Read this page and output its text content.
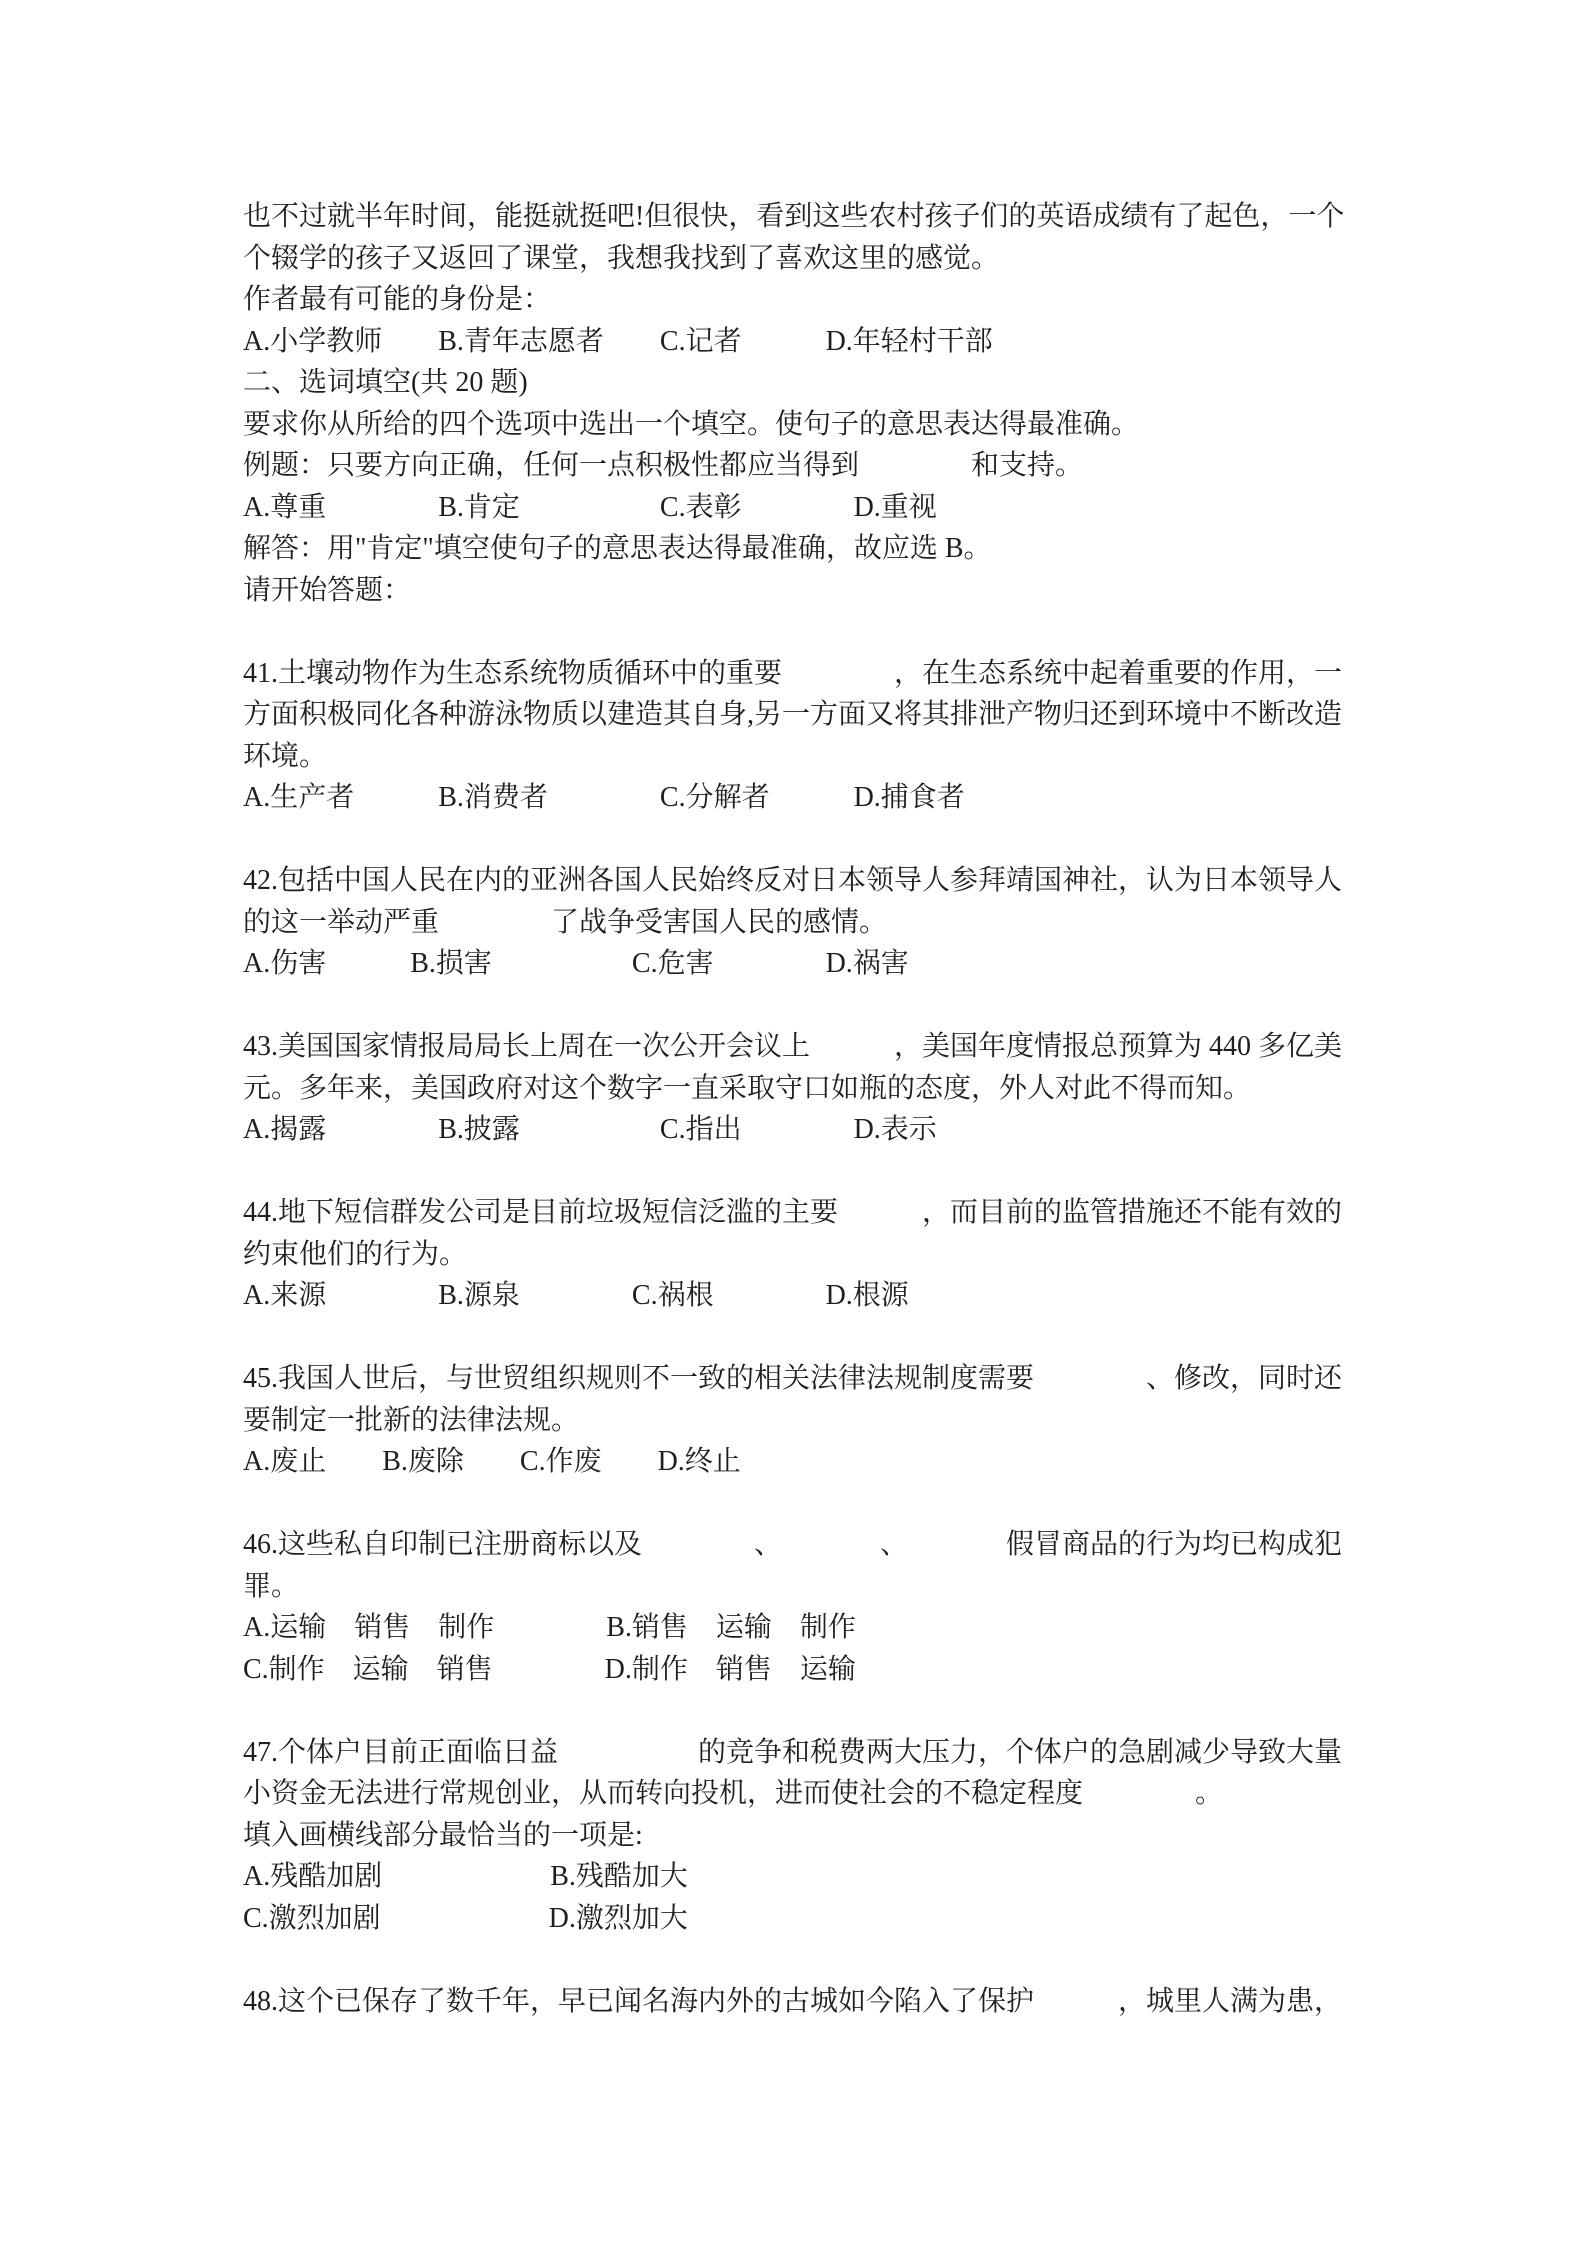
也不过就半年时间，能挺就挺吧!但很快，看到这些农村孩子们的英语成绩有了起色，一个
个辍学的孩子又返回了课堂，我想我找到了喜欢这里的感觉。
作者最有可能的身份是：
A.小学教师　　B.青年志愿者　　C.记者　　　D.年轻村干部
二、选词填空(共 20 题)
要求你从所给的四个选项中选出一个填空。使句子的意思表达得最准确。
例题：只要方向正确，任何一点积极性都应当得到　　　　和支持。
A.尊重　　　　B.肯定　　　　　C.表彰　　　　D.重视
解答：用"肯定"填空使句子的意思表达得最准确，故应选 B。
请开始答题：
41.土壤动物作为生态系统物质循环中的重要　　　　，在生态系统中起着重要的作用，一
方面积极同化各种游泳物质以建造其自身,另一方面又将其排泄产物归还到环境中不断改造
环境。
A.生产者　　　B.消费者　　　　C.分解者　　　D.捕食者
42.包括中国人民在内的亚洲各国人民始终反对日本领导人参拜靖国神社，认为日本领导人
的这一举动严重　　　　了战争受害国人民的感情。
A.伤害　　　B.损害　　　　　C.危害　　　　D.祸害
43.美国国家情报局局长上周在一次公开会议上　　　，美国年度情报总预算为 440 多亿美
元。多年来，美国政府对这个数字一直采取守口如瓶的态度，外人对此不得而知。
A.揭露　　　　B.披露　　　　　C.指出　　　　D.表示
44.地下短信群发公司是目前垃圾短信泛滥的主要　　　，而目前的监管措施还不能有效的
约束他们的行为。
A.来源　　　　B.源泉　　　　C.祸根　　　　D.根源
45.我国人世后，与世贸组织规则不一致的相关法律法规制度需要　　　　、修改，同时还
要制定一批新的法律法规。
A.废止　　B.废除　　C.作废　　D.终止
46.这些私自印制已注册商标以及　　　　、　　　　、　　　　假冒商品的行为均已构成犯
罪。
A.运输　销售　制作　　　　B.销售　运输　制作
C.制作　运输　销售　　　　D.制作　销售　运输
47.个体户目前正面临日益　　　　　的竞争和税费两大压力，个体户的急剧减少导致大量
小资金无法进行常规创业，从而转向投机，进而使社会的不稳定程度　　　　。
填入画横线部分最恰当的一项是:
A.残酷加剧　　　　　　B.残酷加大
C.激烈加剧　　　　　　D.激烈加大
48.这个已保存了数千年，早已闻名海内外的古城如今陷入了保护　　　，城里人满为患，
